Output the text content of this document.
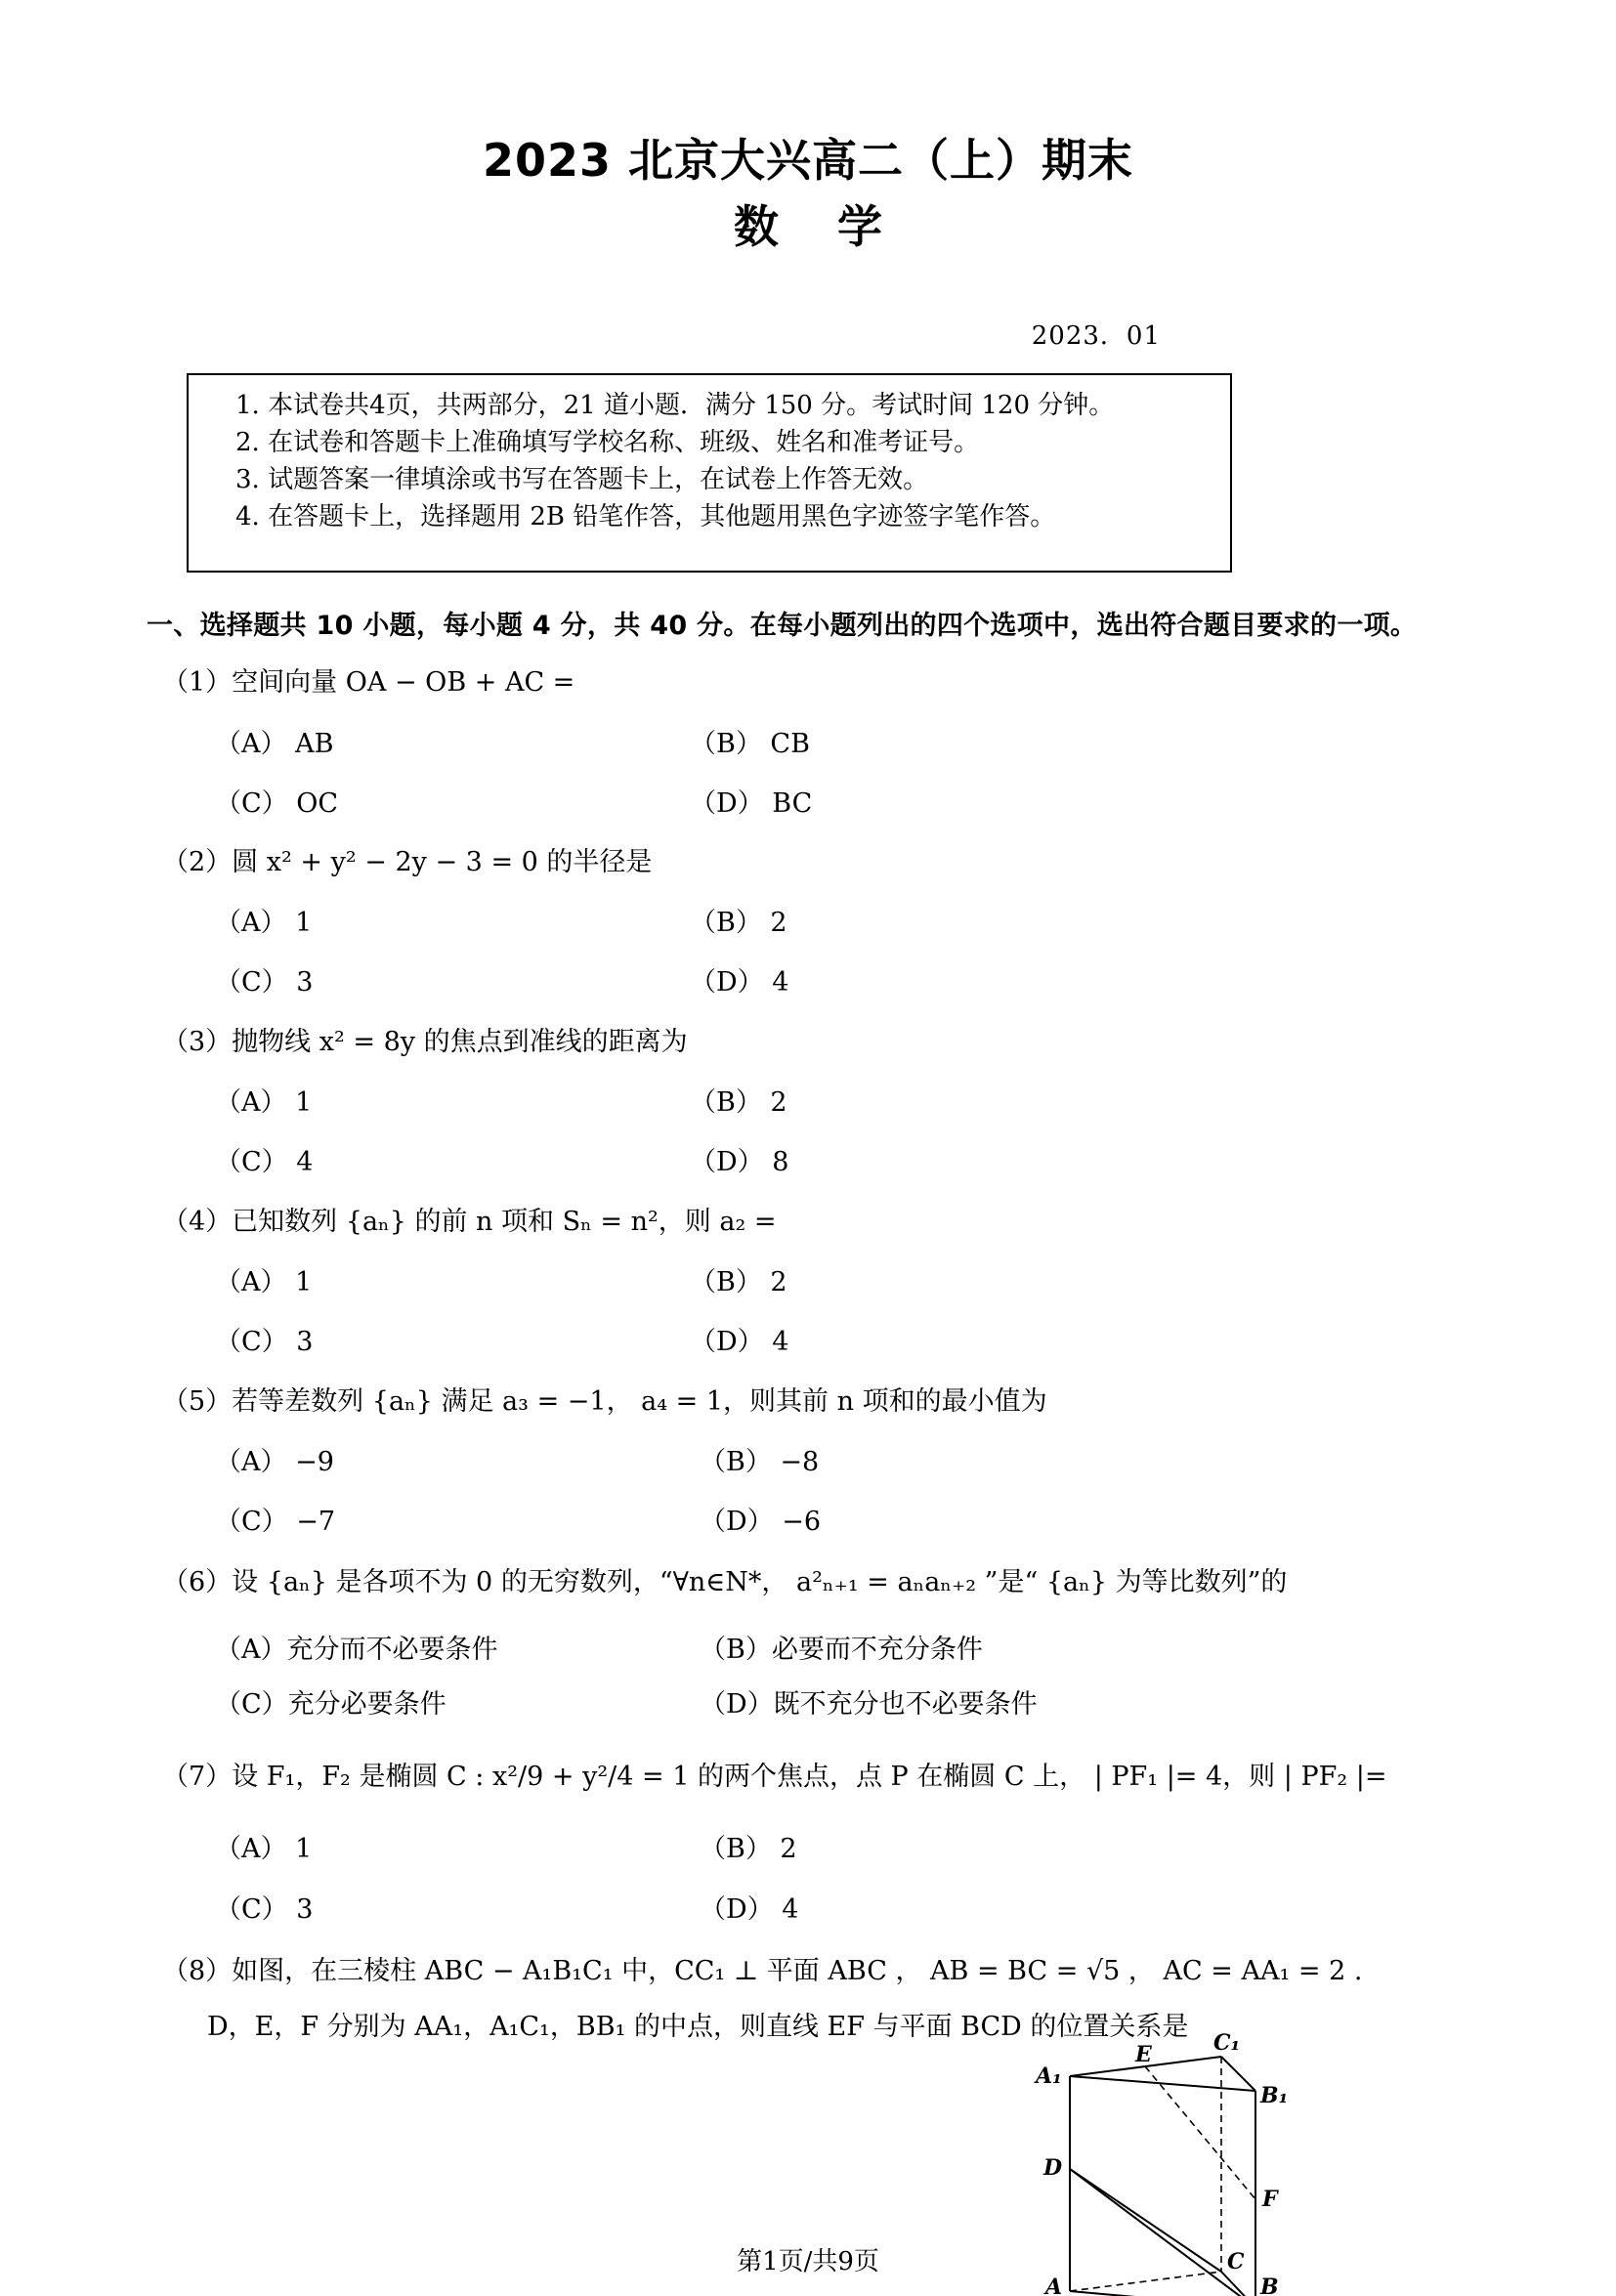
2023 北京大兴高二（上）期末
数学
2023．01
1. 本试卷共4页，共两部分，21 道小题．满分 150 分。考试时间 120 分钟。
2. 在试卷和答题卡上准确填写学校名称、班级、姓名和准考证号。
3. 试题答案一律填涂或书写在答题卡上，在试卷上作答无效。
4. 在答题卡上，选择题用 2B 铅笔作答，其他题用黑色字迹签字笔作答。
一、选择题共 10 小题，每小题 4 分，共 40 分。在每小题列出的四个选项中，选出符合题目要求的一项。
（1）空间向量 OA − OB + AC =
（A） AB	（B） CB
（C） OC	（D） BC
（2）圆 x² + y² − 2y − 3 = 0 的半径是
（A） 1	（B） 2
（C） 3	（D） 4
（3）抛物线 x² = 8y 的焦点到准线的距离为
（A） 1	（B） 2
（C） 4	（D） 8
（4）已知数列 {aₙ} 的前 n 项和 Sₙ = n²，则 a₂ =
（A） 1	（B） 2
（C） 3	（D） 4
（5）若等差数列 {aₙ} 满足 a₃ = −1， a₄ = 1，则其前 n 项和的最小值为
（A） −9	（B） −8
（C） −7	（D） −6
（6）设 {aₙ} 是各项不为 0 的无穷数列，“∀n∈N*， a²ₙ₊₁ = aₙaₙ₊₂ ”是“ {aₙ} 为等比数列”的
（A）充分而不必要条件	（B）必要而不充分条件
（C）充分必要条件	（D）既不充分也不必要条件
（7）设 F₁，F₂ 是椭圆 C : x²/9 + y²/4 = 1 的两个焦点，点 P 在椭圆 C 上， | PF₁ |= 4，则 | PF₂ |=
（A） 1	（B） 2
（C） 3	（D） 4
（8）如图，在三棱柱 ABC − A₁B₁C₁ 中，CC₁ ⊥ 平面 ABC ， AB = BC = √5 ， AC = AA₁ = 2 .
D，E，F 分别为 AA₁，A₁C₁，BB₁ 的中点，则直线 EF 与平面 BCD 的位置关系是
A₁
C₁
B₁
E
D
F
C
A	B
第1页/共9页
